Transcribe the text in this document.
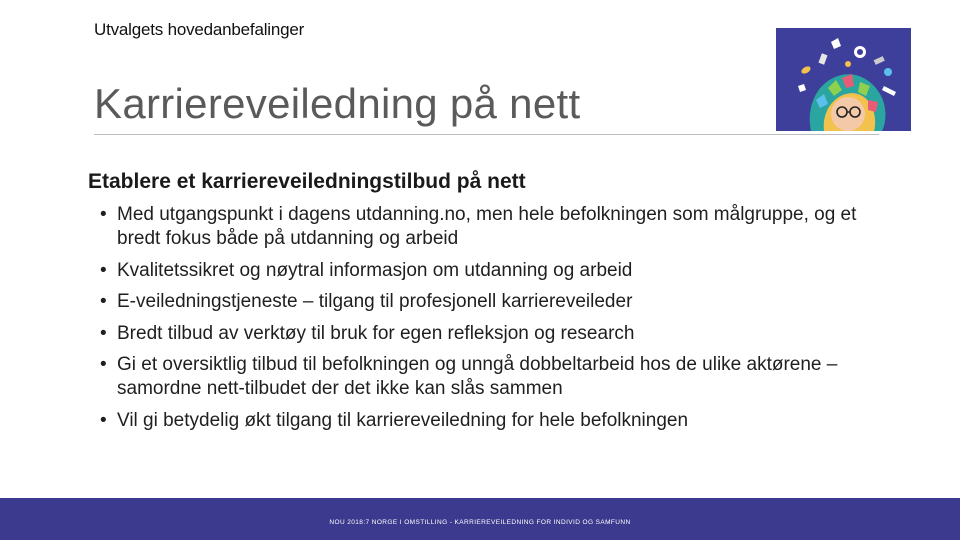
Utvalgets hovedanbefalinger
Karriereveiledning på nett
Etablere et karriereveiledningstilbud på nett
• Med utgangspunkt i dagens utdanning.no, men hele befolkningen som målgruppe, og et bredt fokus både på utdanning og arbeid
• Kvalitetssikret og nøytral informasjon om utdanning og arbeid
• E-veiledningstjeneste – tilgang til profesjonell karriereveileder
• Bredt tilbud av verktøy til bruk for egen refleksjon og research
• Gi et oversiktlig tilbud til befolkningen og unngå dobbeltarbeid hos de ulike aktørene – samordne nett-tilbudet der det ikke kan slås sammen
• Vil gi betydelig økt tilgang til karriereveiledning for hele befolkningen
NOU 2018:7 NORGE I OMSTILLING - KARRIEREVEILEDNING FOR INDIVID OG SAMFUNN
